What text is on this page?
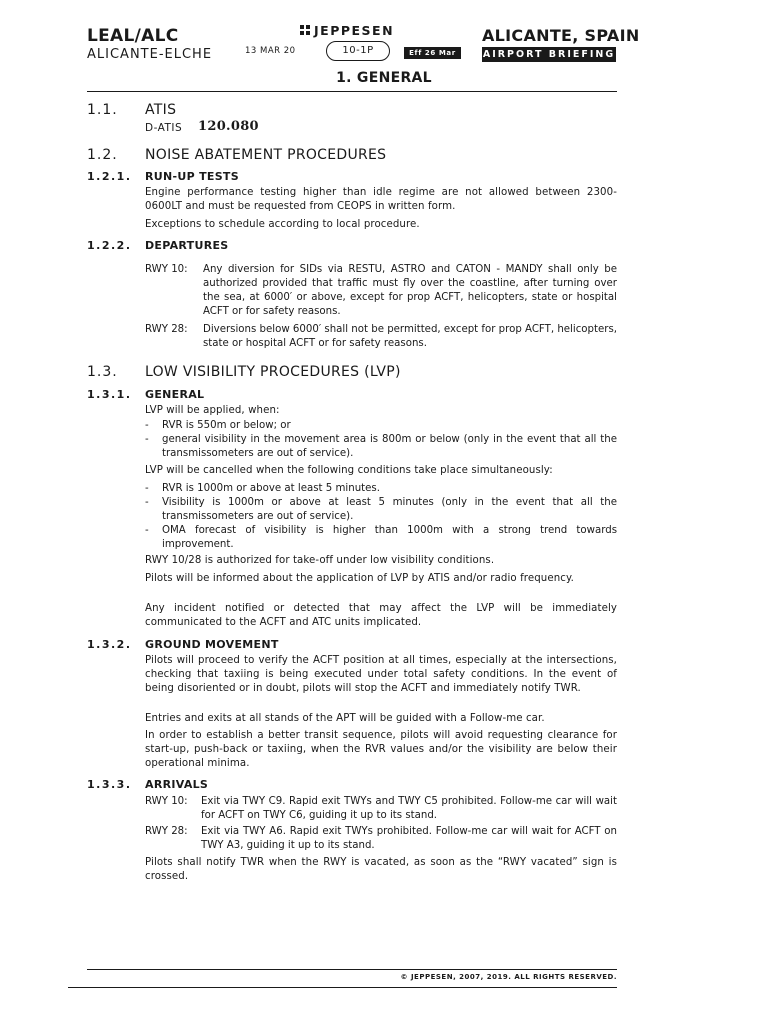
LEAL/ALC
ALICANTE-ELCHE
JEPPESEN
13 MAR 20	10-1P	Eff 26 Mar
ALICANTE, SPAIN
AIRPORT BRIEFING
1. GENERAL
1.1. ATIS
D-ATIS 120.080
1.2. NOISE ABATEMENT PROCEDURES
1.2.1. RUN-UP TESTS
Engine performance testing higher than idle regime are not allowed between 2300-0600LT and must be requested from CEOPS in written form.
Exceptions to schedule according to local procedure.
1.2.2. DEPARTURES
RWY 10: Any diversion for SIDs via RESTU, ASTRO and CATON - MANDY shall only be authorized provided that traffic must fly over the coastline, after turning over the sea, at 6000′ or above, except for prop ACFT, helicopters, state or hospital ACFT or for safety reasons.
RWY 28: Diversions below 6000′ shall not be permitted, except for prop ACFT, helicopters, state or hospital ACFT or for safety reasons.
1.3. LOW VISIBILITY PROCEDURES (LVP)
1.3.1. GENERAL
LVP will be applied, when:
- RVR is 550m or below; or
- general visibility in the movement area is 800m or below (only in the event that all the transmissometers are out of service).
LVP will be cancelled when the following conditions take place simultaneously:
- RVR is 1000m or above at least 5 minutes.
- Visibility is 1000m or above at least 5 minutes (only in the event that all the transmissometers are out of service).
- OMA forecast of visibility is higher than 1000m with a strong trend towards improvement.
RWY 10/28 is authorized for take-off under low visibility conditions.
Pilots will be informed about the application of LVP by ATIS and/or radio frequency.
Any incident notified or detected that may affect the LVP will be immediately communicated to the ACFT and ATC units implicated.
1.3.2. GROUND MOVEMENT
Pilots will proceed to verify the ACFT position at all times, especially at the intersections, checking that taxiing is being executed under total safety conditions. In the event of being disoriented or in doubt, pilots will stop the ACFT and immediately notify TWR.
Entries and exits at all stands of the APT will be guided with a Follow-me car.
In order to establish a better transit sequence, pilots will avoid requesting clearance for start-up, push-back or taxiing, when the RVR values and/or the visibility are below their operational minima.
1.3.3. ARRIVALS
RWY 10: Exit via TWY C9. Rapid exit TWYs and TWY C5 prohibited. Follow-me car will wait for ACFT on TWY C6, guiding it up to its stand.
RWY 28: Exit via TWY A6. Rapid exit TWYs prohibited. Follow-me car will wait for ACFT on TWY A3, guiding it up to its stand.
Pilots shall notify TWR when the RWY is vacated, as soon as the “RWY vacated” sign is crossed.
© JEPPESEN, 2007, 2019. ALL RIGHTS RESERVED.
